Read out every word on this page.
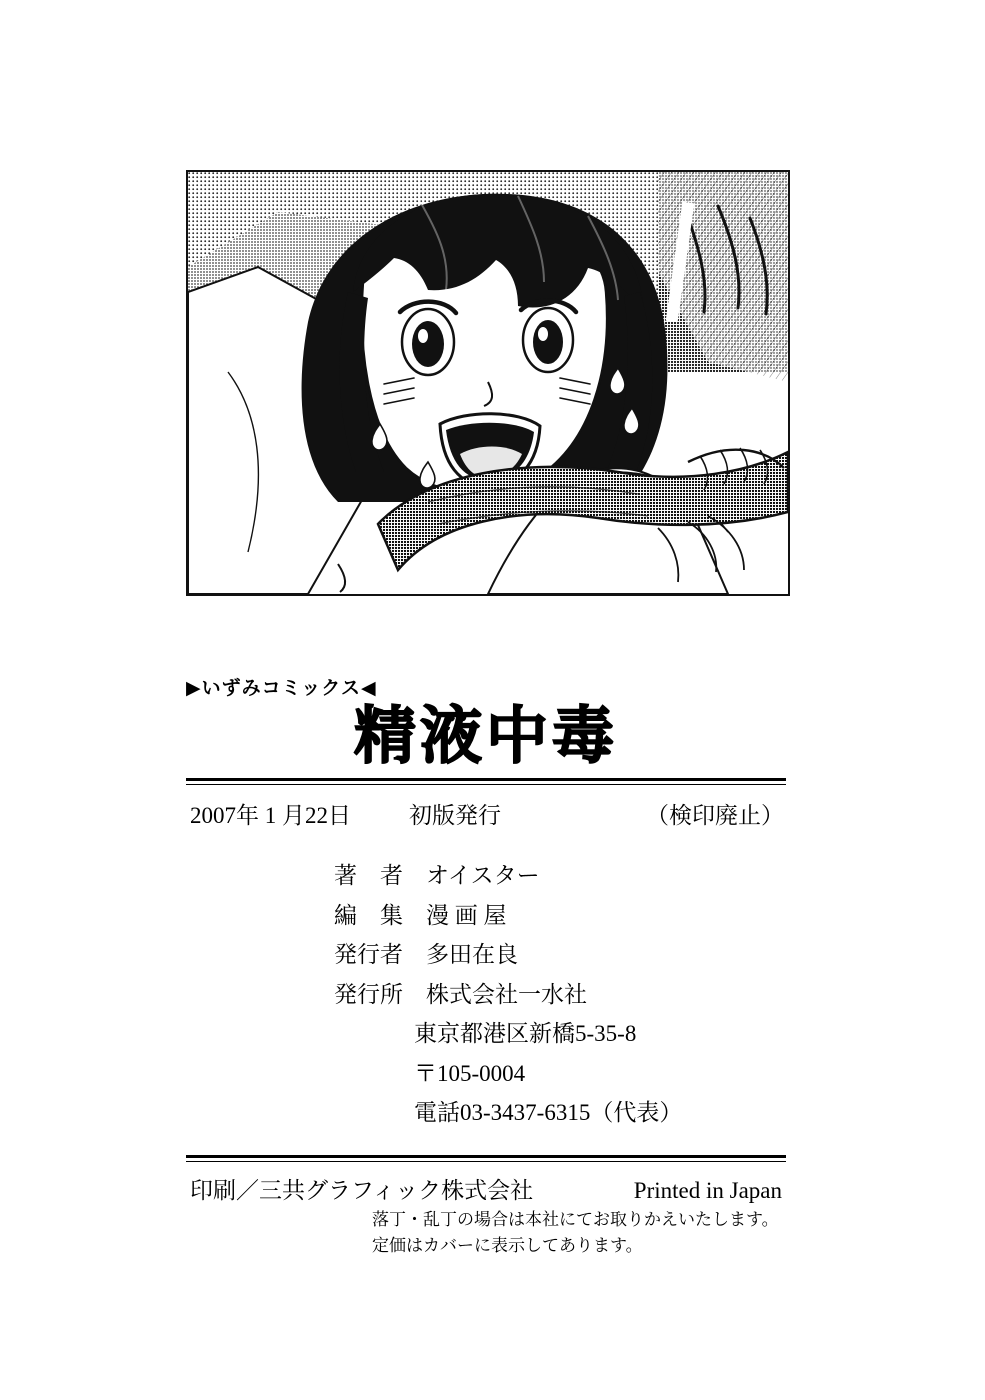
▶いずみコミックス◀
精液中毒
2007年 1 月22日	初版発行	（検印廃止）
著　者	オイスター
編　集	漫 画 屋
発行者	多田在良
発行所	株式会社一水社
東京都港区新橋5-35-8
〒105-0004
電話03-3437-6315（代表）
印刷／三共グラフィック株式会社	Printed in Japan
落丁・乱丁の場合は本社にてお取りかえいたします。
定価はカバーに表示してあります。
